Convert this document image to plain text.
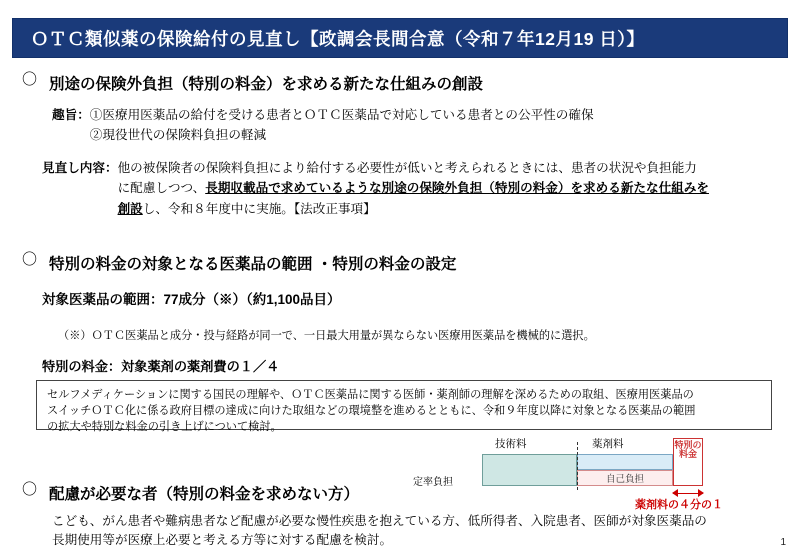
ＯＴＣ類似薬の保険給付の見直し【政調会長間合意（令和７年12月19 日）】
〇 別途の保険外負担（特別の料金）を求める新たな仕組みの創設
趣旨： ①医療用医薬品の給付を受ける患者とＯＴＣ医薬品で対応している患者との公平性の確保
②現役世代の保険料負担の軽減
見直し内容： 他の被保険者の保険料負担により給付する必要性が低いと考えられるときには、患者の状況や負担能力
に配慮しつつ、長期収載品で求めているような別途の保険外負担（特別の料金）を求める新たな仕組みを
創設し、令和８年度中に実施。【法改正事項】
〇 特別の料金の対象となる医薬品の範囲 ・特別の料金の設定
対象医薬品の範囲：77成分（※）（約1,100品目）
（※）ＯＴＣ医薬品と成分・投与経路が同一で、一日最大用量が異ならない医療用医薬品を機械的に選択。
特別の料金：対象薬剤の薬剤費の１／４
セルフメディケーションに関する国民の理解や、ＯＴＣ医薬品に関する医師・薬剤師の理解を深めるための取組、医療用医薬品の
スイッチＯＴＣ化に係る政府目標の達成に向けた取組などの環境整を進めるとともに、令和９年度以降に対象となる医薬品の範囲
の拡大や特別な料金の引き上げについて検討。
技術料	薬剤料
定率負担	自己負担
特別の料金
薬剤料の４分の１
〇 配慮が必要な者（特別の料金を求めない方）
こども、がん患者や難病患者など配慮が必要な慢性疾患を抱えている方、低所得者、入院患者、医師が対象医薬品の
長期使用等が医療上必要と考える方等に対する配慮を検討。	1
